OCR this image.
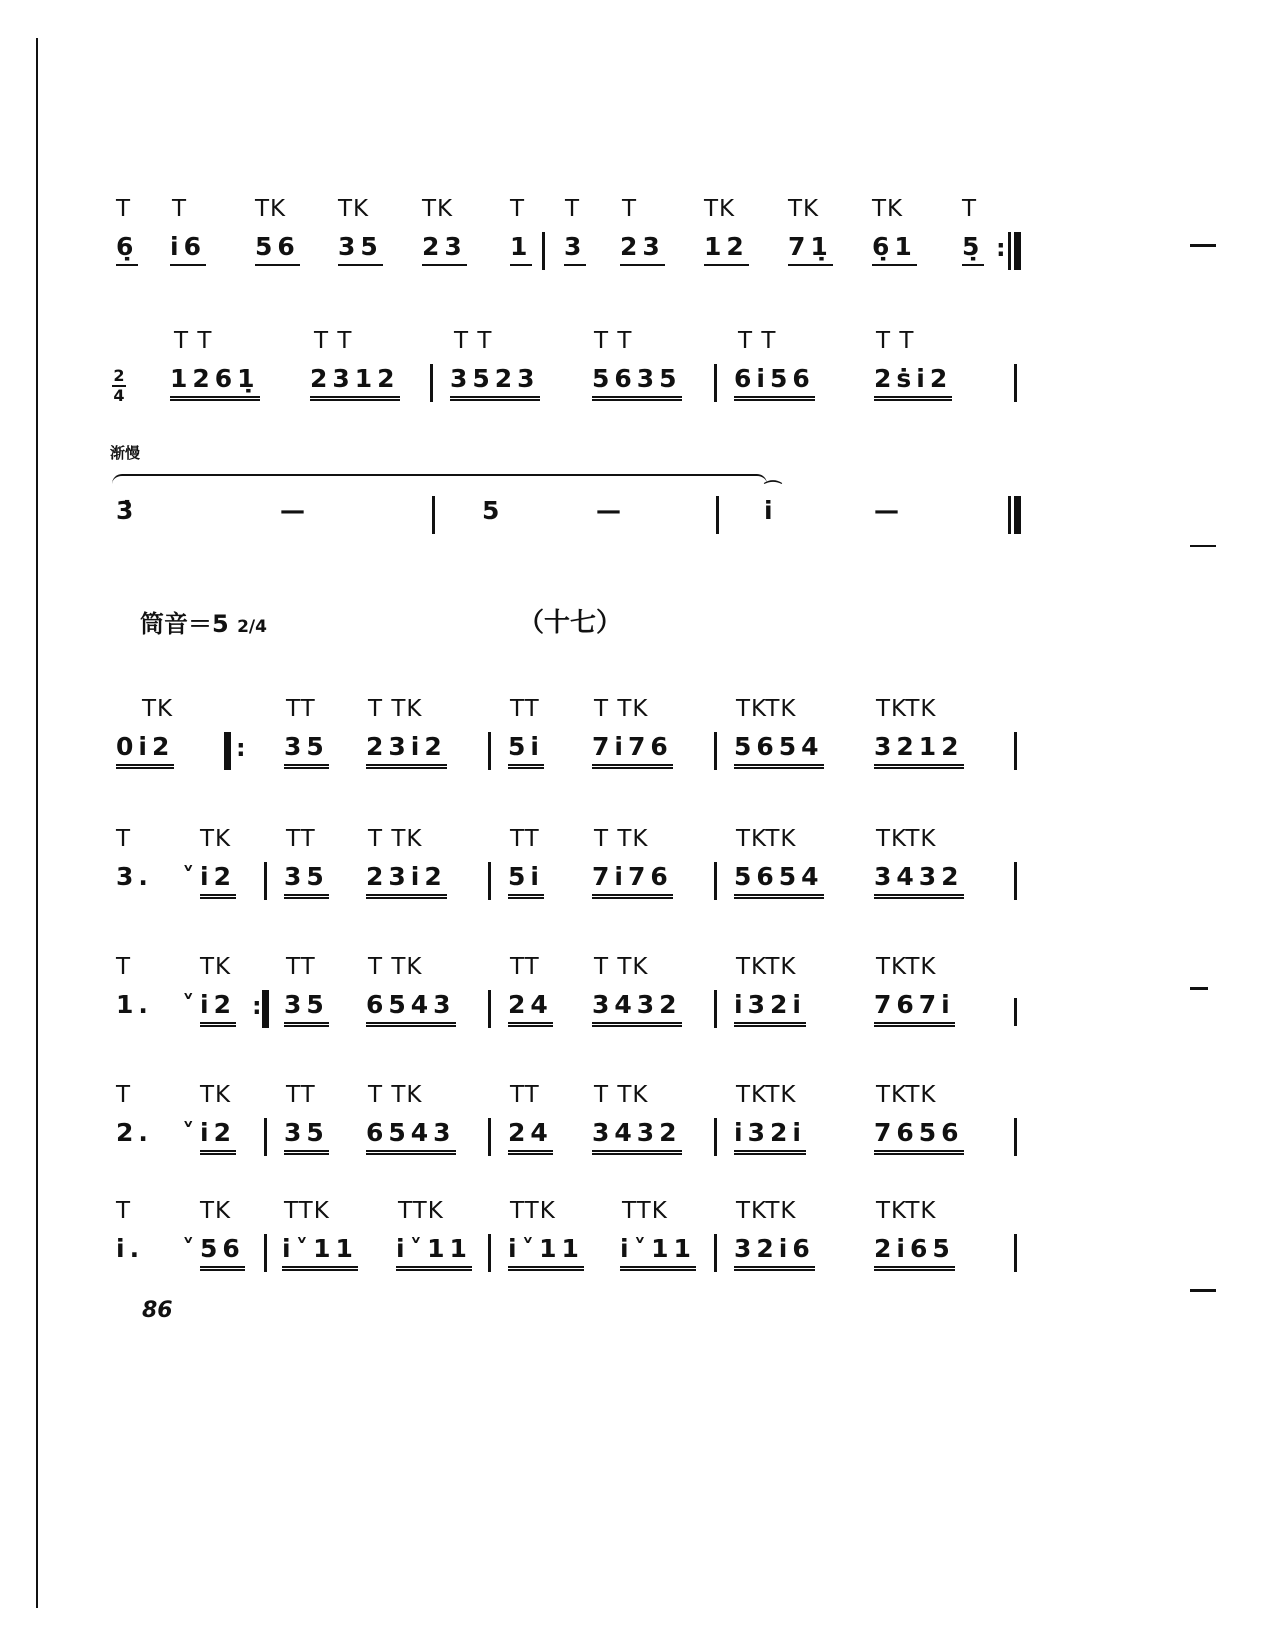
T T	TK TK TK T T T	TK TK TK	T
6̣ i6 56 35 23 1 3 23 12 71̣ 6̣1 5̣ :
T T	T T	T T	T T	T T	T T
2
4
1261̣ 2312 3523 5635 6i56 2ṡi2
渐慢
3̇	—	5	—
⌒
i	—
筒音＝5 2/4	（十七）
TK	TT T TK	TT T TK	TKTK	TKTK
0i2	: 35 23i2 5i 7i76 5654 3212
T	TK TT T TK	TT T TK	TKTK	TKTK
3. ˅ i2 35 23i2 5i 7i76 5654 3432
T	TK TT T TK	TT T TK	TKTK	TKTK
1. ˅ i2 : 35 6543 24 3432 i32i	767i
T	TK TT T TK	TT T TK	TKTK	TKTK
2. ˅ i2 35 6543 24 3432 i32i	7656
T	TK TTK	TTK	TTK	TTK	TKTK	TKTK
i. ˅ 56 i˅11 i˅11 i˅11 i˅11 32i6 2i65
86
